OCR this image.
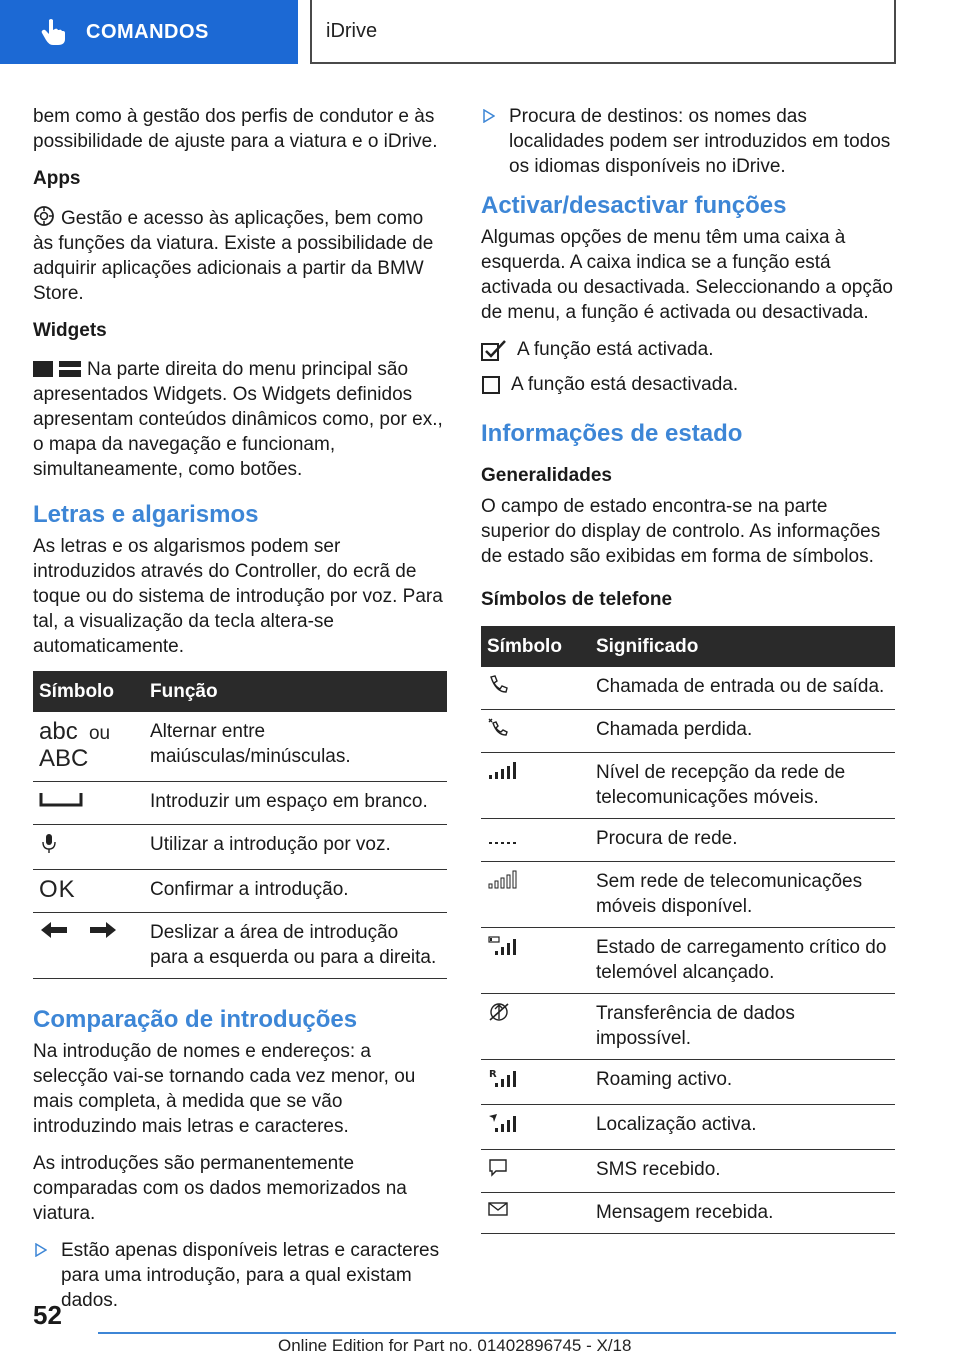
COMANDOS	iDrive

bem como à gestão dos perfis de condutor e às possibilidade de ajuste para a viatura e o iDrive.

Apps

Gestão e acesso às aplicações, bem como às funções da viatura. Existe a possibilidade de adquirir aplicações adicionais a partir da BMW Store.

Widgets

Na parte direita do menu principal são apresentados Widgets. Os Widgets definidos apresentam conteúdos dinâmicos como, por ex., o mapa da navegação e funcionam, simultaneamente, como botões.

Letras e algarismos

As letras e os algarismos podem ser introduzidos através do Controller, do ecrã de toque ou do sistema de introdução por voz. Para tal, a visualização da tecla altera-se automaticamente.

Símbolo	Função
abc ou
ABC	Alternar entre maiúsculas/minúsculas.
	Introduzir um espaço em branco.
	Utilizar a introdução por voz.
OK	Confirmar a introdução.
	Deslizar a área de introdução para a esquerda ou para a direita.
Comparação de introduções

Na introdução de nomes e endereços: a selecção vai-se tornando cada vez menor, ou mais completa, à medida que se vão introduzindo mais letras e caracteres.

As introduções são permanentemente comparadas com os dados memorizados na viatura.

Estão apenas disponíveis letras e caracteres para uma introdução, para a qual existam dados.
Procura de destinos: os nomes das localidades podem ser introduzidos em todos os idiomas disponíveis no iDrive.
Activar/desactivar funções

Algumas opções de menu têm uma caixa à esquerda. A caixa indica se a função está activada ou desactivada. Seleccionando a opção de menu, a função é activada ou desactivada.

A função está activada.
A função está desactivada.
Informações de estado
Generalidades

O campo de estado encontra-se na parte superior do display de controlo. As informações de estado são exibidas em forma de símbolos.

Símbolos de telefone
Símbolo	Significado
	Chamada de entrada ou de saída.
	Chamada perdida.
	Nível de recepção da rede de telecomunicações móveis.
	Procura de rede.
	Sem rede de telecomunicações móveis disponível.
	Estado de carregamento crítico do telemóvel alcançado.
	Transferência de dados impossível.

R	Roaming activo.
	Localização activa.
	SMS recebido.
	Mensagem recebida.
52
Online Edition for Part no. 01402896745 - X/18
